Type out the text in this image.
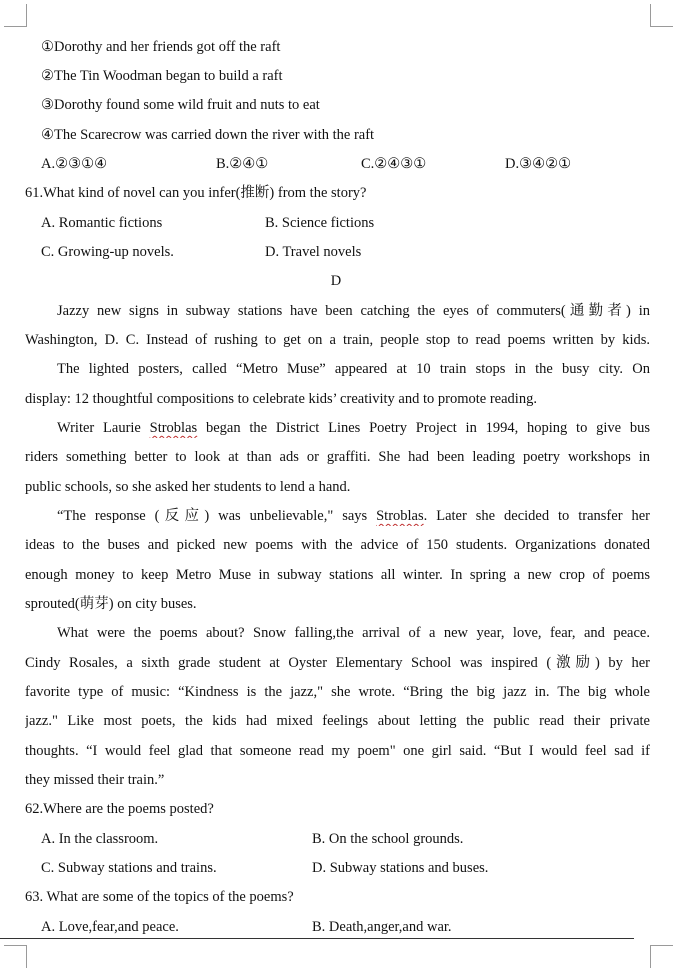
①Dorothy and her friends got off the raft
②The Tin Woodman began to build a raft
③Dorothy found some wild fruit and nuts to eat
④The Scarecrow was carried down the river with the raft
A.②③①④	B.②④①	C.②④③①	D.③④②①
61.What kind of novel can you infer(推断) from the story?
A. Romantic fictions	B. Science fictions
C. Growing-up novels.	D. Travel novels
D
Jazzy new signs in subway stations have been catching the eyes of commuters(通勤者) in
Washington, D. C. Instead of rushing to get on a train, people stop to read poems written by kids.
The lighted posters, called “Metro Muse” appeared at 10 train stops in the busy city. On
display: 12 thoughtful compositions to celebrate kids’ creativity and to promote reading.
Writer Laurie Stroblas began the District Lines Poetry Project in 1994, hoping to give bus
riders something better to look at than ads or graffiti. She had been leading poetry workshops in
public schools, so she asked her students to lend a hand.
“The response (反应) was unbelievable," says Stroblas. Later she decided to transfer her
ideas to the buses and picked new poems with the advice of 150 students. Organizations donated
enough money to keep Metro Muse in subway stations all winter. In spring a new crop of poems
sprouted(萌芽) on city buses.
What were the poems about? Snow falling,the arrival of a new year, love, fear, and peace.
Cindy Rosales, a sixth grade student at Oyster Elementary School was inspired (激励) by her
favorite type of music: “Kindness is the jazz," she wrote. “Bring the big jazz in. The big whole
jazz." Like most poets, the kids had mixed feelings about letting the public read their private
thoughts. “I would feel glad that someone read my poem" one girl said. “But I would feel sad if
they missed their train.”
62.Where are the poems posted?
A. In the classroom.	B. On the school grounds.
C. Subway stations and trains.	D. Subway stations and buses.
63. What are some of the topics of the poems?
A. Love,fear,and peace.	B. Death,anger,and war.
